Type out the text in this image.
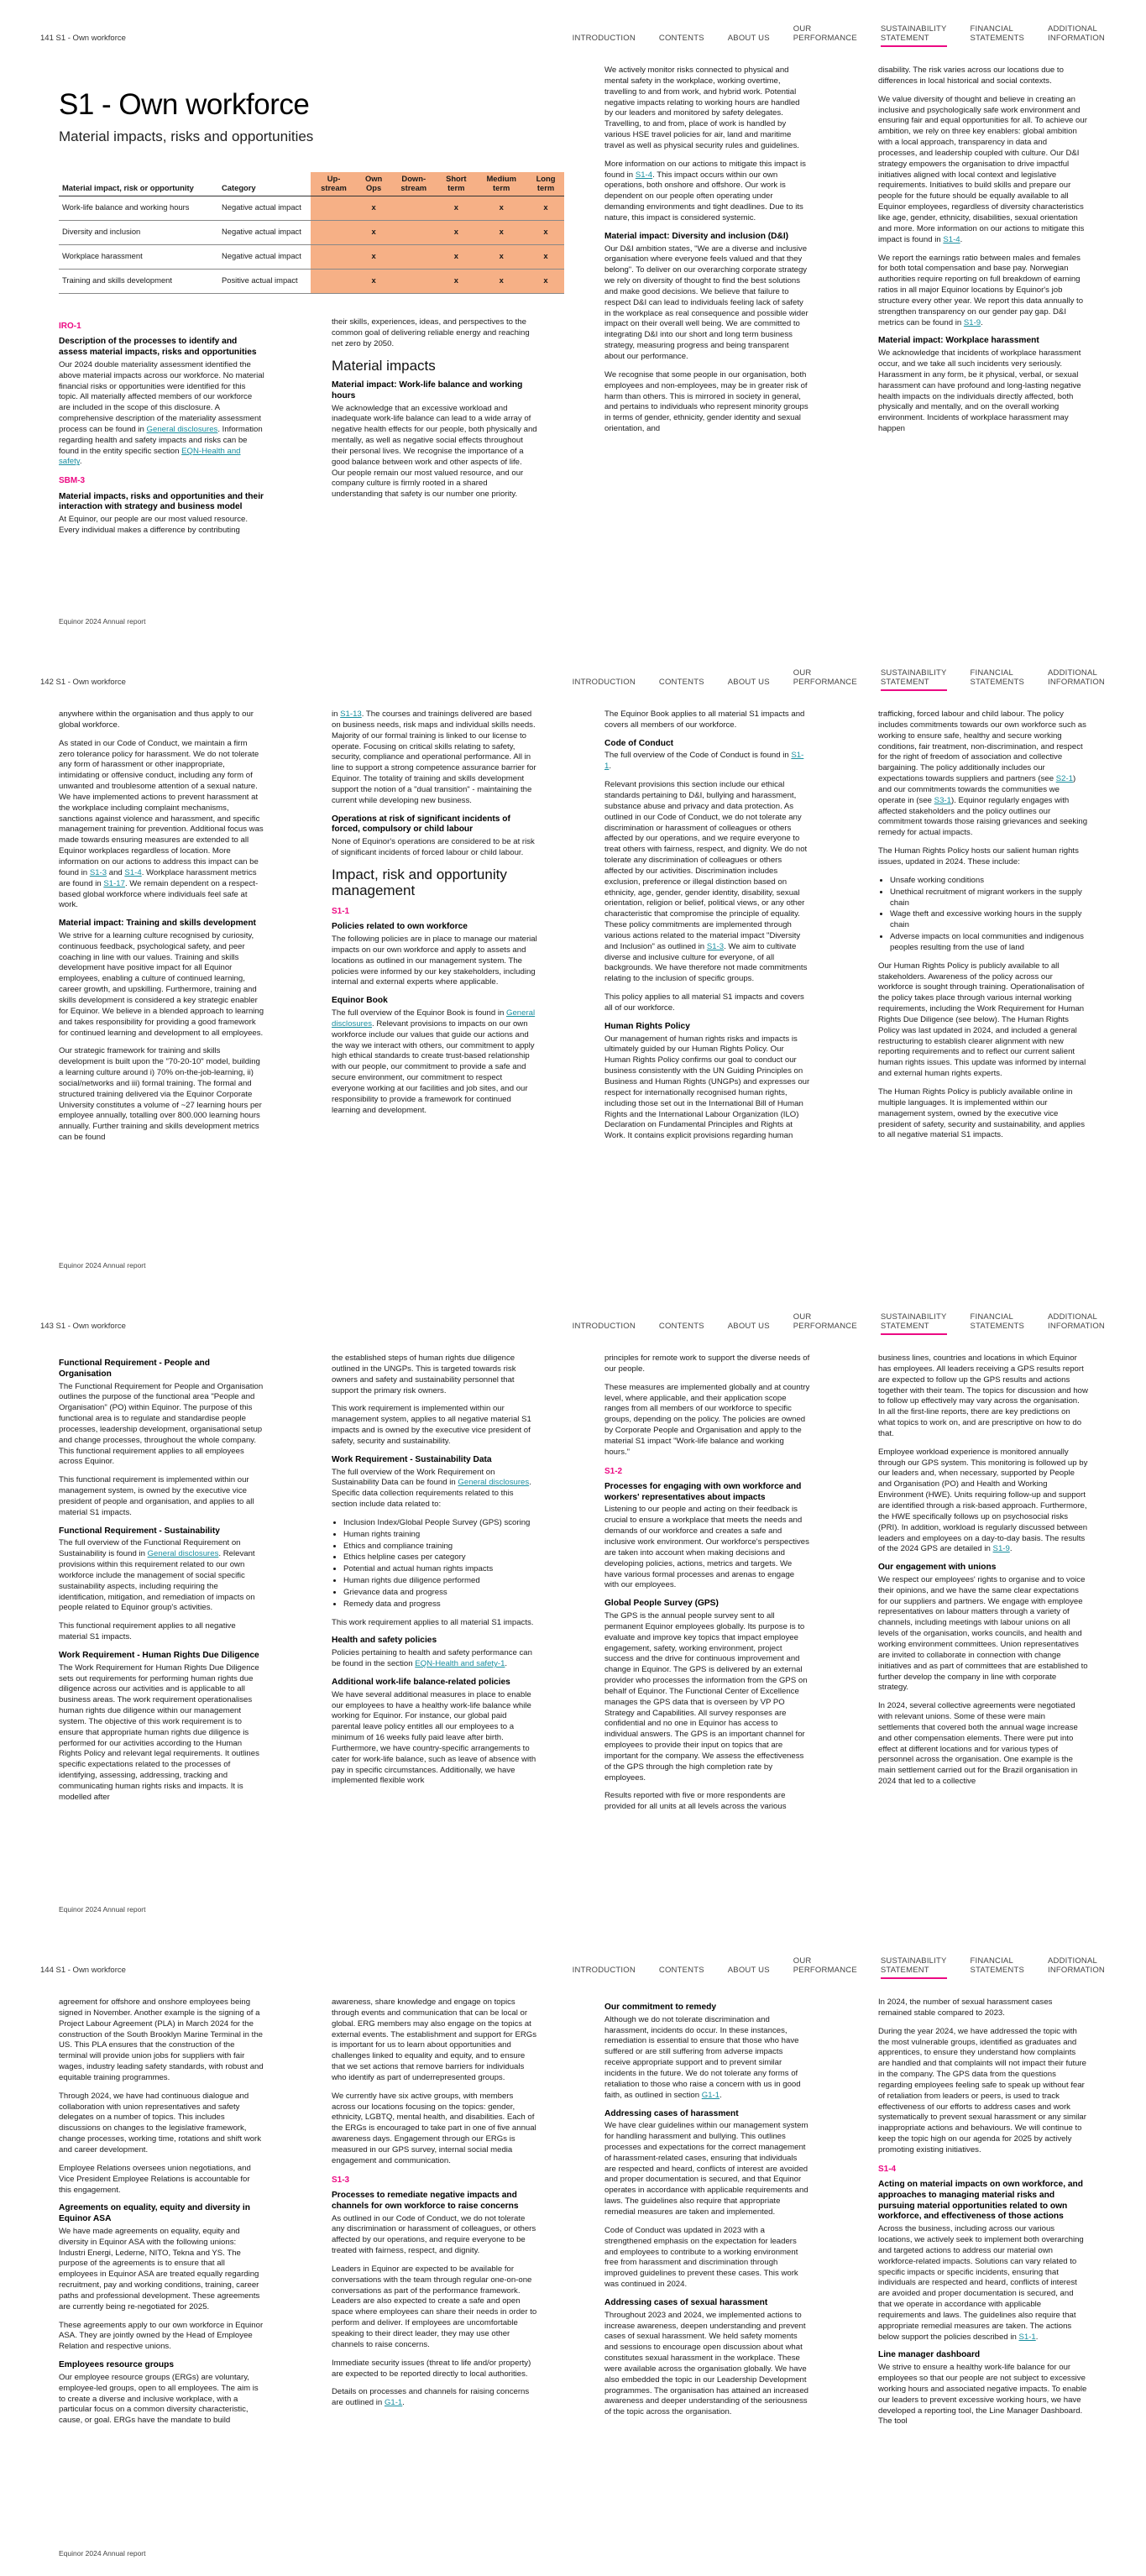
141 S1 - Own workforce	INTRODUCTION	CONTENTS	ABOUT US
OUR
PERFORMANCE
SUSTAINABILITY
STATEMENT
FINANCIAL
STATEMENTS
ADDITIONAL
INFORMATION
S1 - Own workforce
Material impacts, risks and opportunities
Material impact, risk or opportunity	Category	Up-
stream	Own
Ops	Down-
stream	Short
term	Medium
term	Long
term
Work-life balance and working hours	Negative actual impact		x		x	x	x
Diversity and inclusion	Negative actual impact		x		x	x	x
Workplace harassment	Negative actual impact		x		x	x	x
Training and skills development	Positive actual impact		x		x	x	x
IRO-1
Description of the processes to identify and assess material impacts, risks and opportunities

Our 2024 double materiality assessment identified the above material impacts across our workforce. No material financial risks or opportunities were identified for this topic. All materially affected members of our workforce are included in the scope of this disclosure. A comprehensive description of the materiality assessment process can be found in General disclosures. Information regarding health and safety impacts and risks can be found in the entity specific section EQN-Health and safety.

SBM-3
Material impacts, risks and opportunities and their interaction with strategy and business model

At Equinor, our people are our most valued resource. Every individual makes a difference by contributing

their skills, experiences, ideas, and perspectives to the common goal of delivering reliable energy and reaching net zero by 2050.

Material impacts
Material impact: Work-life balance and working hours

We acknowledge that an excessive workload and inadequate work-life balance can lead to a wide array of negative health effects for our people, both physically and mentally, as well as negative social effects throughout their personal lives. We recognise the importance of a good balance between work and other aspects of life. Our people remain our most valued resource, and our company culture is firmly rooted in a shared understanding that safety is our number one priority.

We actively monitor risks connected to physical and mental safety in the workplace, working overtime, travelling to and from work, and hybrid work. Potential negative impacts relating to working hours are handled by our leaders and monitored by safety delegates. Travelling, to and from, place of work is handled by various HSE travel policies for air, land and maritime travel as well as physical security rules and guidelines.

More information on our actions to mitigate this impact is found in S1-4. This impact occurs within our own operations, both onshore and offshore. Our work is dependent on our people often operating under demanding environments and tight deadlines. Due to its nature, this impact is considered systemic.

Material impact: Diversity and inclusion (D&I)

Our D&I ambition states, "We are a diverse and inclusive organisation where everyone feels valued and that they belong". To deliver on our overarching corporate strategy we rely on diversity of thought to find the best solutions and make good decisions. We believe that failure to respect D&I can lead to individuals feeling lack of safety in the workplace as real consequence and possible wider impact on their overall well being. We are committed to integrating D&I into our short and long term business strategy, measuring progress and being transparent about our performance.

We recognise that some people in our organisation, both employees and non-employees, may be in greater risk of harm than others. This is mirrored in society in general, and pertains to individuals who represent minority groups in terms of gender, ethnicity, gender identity and sexual orientation, and

disability. The risk varies across our locations due to differences in local historical and social contexts.

We value diversity of thought and believe in creating an inclusive and psychologically safe work environment and ensuring fair and equal opportunities for all. To achieve our ambition, we rely on three key enablers: global ambition with a local approach, transparency in data and processes, and leadership coupled with culture. Our D&I strategy empowers the organisation to drive impactful initiatives aligned with local context and legislative requirements. Initiatives to build skills and prepare our people for the future should be equally available to all Equinor employees, regardless of diversity characteristics like age, gender, ethnicity, disabilities, sexual orientation and more. More information on our actions to mitigate this impact is found in S1-4.

We report the earnings ratio between males and females for both total compensation and base pay. Norwegian authorities require reporting on full breakdown of earning ratios in all major Equinor locations by Equinor's job structure every other year. We report this data annually to strengthen transparency on our gender pay gap. D&I metrics can be found in S1-9.

Material impact: Workplace harassment

We acknowledge that incidents of workplace harassment occur, and we take all such incidents very seriously. Harassment in any form, be it physical, verbal, or sexual harassment can have profound and long-lasting negative health impacts on the individuals directly affected, both physically and mentally, and on the overall working environment. Incidents of workplace harassment may happen

Equinor 2024 Annual report
142 S1 - Own workforce	INTRODUCTION	CONTENTS	ABOUT US
OUR
PERFORMANCE
SUSTAINABILITY
STATEMENT
FINANCIAL
STATEMENTS
ADDITIONAL
INFORMATION

anywhere within the organisation and thus apply to our global workforce.

As stated in our Code of Conduct, we maintain a firm zero tolerance policy for harassment. We do not tolerate any form of harassment or other inappropriate, intimidating or offensive conduct, including any form of unwanted and troublesome attention of a sexual nature. We have implemented actions to prevent harassment at the workplace including complaint mechanisms, sanctions against violence and harassment, and specific management training for prevention. Additional focus was made towards ensuring measures are extended to all Equinor workplaces regardless of location. More information on our actions to address this impact can be found in S1-3 and S1-4. Workplace harassment metrics are found in S1-17. We remain dependent on a respect-based global workforce where individuals feel safe at work.

Material impact: Training and skills development

We strive for a learning culture recognised by curiosity, continuous feedback, psychological safety, and peer coaching in line with our values. Training and skills development have positive impact for all Equinor employees, enabling a culture of continued learning, career growth, and upskilling. Furthermore, training and skills development is considered a key strategic enabler for Equinor. We believe in a blended approach to learning and takes responsibility for providing a good framework for continued learning and development to all employees.

Our strategic framework for training and skills development is built upon the "70-20-10" model, building a learning culture around i) 70% on-the-job-learning, ii) social/networks and iii) formal training. The formal and structured training delivered via the Equinor Corporate University constitutes a volume of ~27 learning hours per employee annually, totalling over 800.000 learning hours annually. Further training and skills development metrics can be found

in S1-13. The courses and trainings delivered are based on business needs, risk maps and individual skills needs. Majority of our formal training is linked to our license to operate. Focusing on critical skills relating to safety, security, compliance and operational performance. All in line to support a strong competence assurance barrier for Equinor. The totality of training and skills development support the notion of a "dual transition" - maintaining the current while developing new business.

Operations at risk of significant incidents of forced, compulsory or child labour

None of Equinor's operations are considered to be at risk of significant incidents of forced labour or child labour.

Impact, risk and opportunity management
S1-1
Policies related to own workforce

The following policies are in place to manage our material impacts on our own workforce and apply to assets and locations as outlined in our management system. The policies were informed by our key stakeholders, including internal and external experts where applicable.

Equinor Book

The full overview of the Equinor Book is found in General disclosures. Relevant provisions to impacts on our own workforce include our values that guide our actions and the way we interact with others, our commitment to apply high ethical standards to create trust-based relationship with our people, our commitment to provide a safe and secure environment, our commitment to respect everyone working at our facilities and job sites, and our responsibility to provide a framework for continued learning and development.

The Equinor Book applies to all material S1 impacts and covers all members of our workforce.

Code of Conduct

The full overview of the Code of Conduct is found in S1-1.

Relevant provisions this section include our ethical standards pertaining to D&I, bullying and harassment, substance abuse and privacy and data protection. As outlined in our Code of Conduct, we do not tolerate any discrimination or harassment of colleagues or others affected by our operations, and we require everyone to treat others with fairness, respect, and dignity. We do not tolerate any discrimination of colleagues or others affected by our activities. Discrimination includes exclusion, preference or illegal distinction based on ethnicity, age, gender, gender identity, disability, sexual orientation, religion or belief, political views, or any other characteristic that compromise the principle of equality. These policy commitments are implemented through various actions related to the material impact "Diversity and Inclusion" as outlined in S1-3. We aim to cultivate diverse and inclusive culture for everyone, of all backgrounds. We have therefore not made commitments relating to the inclusion of specific groups.

This policy applies to all material S1 impacts and covers all of our workforce.

Human Rights Policy

Our management of human rights risks and impacts is ultimately guided by our Human Rights Policy. Our Human Rights Policy confirms our goal to conduct our business consistently with the UN Guiding Principles on Business and Human Rights (UNGPs) and expresses our respect for internationally recognised human rights, including those set out in the International Bill of Human Rights and the International Labour Organization (ILO) Declaration on Fundamental Principles and Rights at Work. It contains explicit provisions regarding human

trafficking, forced labour and child labour. The policy includes commitments towards our own workforce such as working to ensure safe, healthy and secure working conditions, fair treatment, non-discrimination, and respect for the right of freedom of association and collective bargaining. The policy additionally includes our expectations towards suppliers and partners (see S2-1) and our commitments towards the communities we operate in (see S3-1). Equinor regularly engages with affected stakeholders and the policy outlines our commitment towards those raising grievances and seeking remedy for actual impacts.

The Human Rights Policy hosts our salient human rights issues, updated in 2024. These include:

• Unsafe working conditions
• Unethical recruitment of migrant workers in the supply chain
• Wage theft and excessive working hours in the supply chain
• Adverse impacts on local communities and indigenous peoples resulting from the use of land

Our Human Rights Policy is publicly available to all stakeholders. Awareness of the policy across our workforce is sought through training. Operationalisation of the policy takes place through various internal working requirements, including the Work Requirement for Human Rights Due Diligence (see below). The Human Rights Policy was last updated in 2024, and included a general restructuring to establish clearer alignment with new reporting requirements and to reflect our current salient human rights issues. This update was informed by internal and external human rights experts.

The Human Rights Policy is publicly available online in multiple languages. It is implemented within our management system, owned by the executive vice president of safety, security and sustainability, and applies to all negative material S1 impacts.

Equinor 2024 Annual report
143 S1 - Own workforce	INTRODUCTION	CONTENTS	ABOUT US
OUR
PERFORMANCE
SUSTAINABILITY
STATEMENT
FINANCIAL
STATEMENTS
ADDITIONAL
INFORMATION
Functional Requirement - People and Organisation

The Functional Requirement for People and Organisation outlines the purpose of the functional area "People and Organisation" (PO) within Equinor. The purpose of this functional area is to regulate and standardise people processes, leadership development, organisational setup and change processes, throughout the whole company. This functional requirement applies to all employees across Equinor.

This functional requirement is implemented within our management system, is owned by the executive vice president of people and organisation, and applies to all material S1 impacts.

Functional Requirement - Sustainability

The full overview of the Functional Requirement on Sustainability is found in General disclosures. Relevant provisions within this requirement related to our own workforce include the management of social specific sustainability aspects, including requiring the identification, mitigation, and remediation of impacts on people related to Equinor group's activities.

This functional requirement applies to all negative material S1 impacts.

Work Requirement - Human Rights Due Diligence

The Work Requirement for Human Rights Due Diligence sets out requirements for performing human rights due diligence across our activities and is applicable to all business areas. The work requirement operationalises human rights due diligence within our management system. The objective of this work requirement is to ensure that appropriate human rights due diligence is performed for our activities according to the Human Rights Policy and relevant legal requirements. It outlines specific expectations related to the processes of identifying, assessing, addressing, tracking and communicating human rights risks and impacts. It is modelled after

the established steps of human rights due diligence outlined in the UNGPs. This is targeted towards risk owners and safety and sustainability personnel that support the primary risk owners.

This work requirement is implemented within our management system, applies to all negative material S1 impacts and is owned by the executive vice president of safety, security and sustainability.

Work Requirement - Sustainability Data

The full overview of the Work Requirement on Sustainability Data can be found in General disclosures. Specific data collection requirements related to this section include data related to:

• Inclusion Index/Global People Survey (GPS) scoring
• Human rights training
• Ethics and compliance training
• Ethics helpline cases per category
• Potential and actual human rights impacts
• Human rights due diligence performed
• Grievance data and progress
• Remedy data and progress

This work requirement applies to all material S1 impacts.

Health and safety policies

Policies pertaining to health and safety performance can be found in the section EQN-Health and safety-1.

Additional work-life balance-related policies

We have several additional measures in place to enable our employees to have a healthy work-life balance while working for Equinor. For instance, our global paid parental leave policy entitles all our employees to a minimum of 16 weeks fully paid leave after birth. Furthermore, we have country-specific arrangements to cater for work-life balance, such as leave of absence with pay in specific circumstances. Additionally, we have implemented flexible work

principles for remote work to support the diverse needs of our people.

These measures are implemented globally and at country level, where applicable, and their application scope ranges from all members of our workforce to specific groups, depending on the policy. The policies are owned by Corporate People and Organisation and apply to the material S1 impact "Work-life balance and working hours."

S1-2
Processes for engaging with own workforce and workers' representatives about impacts

Listening to our people and acting on their feedback is crucial to ensure a workplace that meets the needs and demands of our workforce and creates a safe and inclusive work environment. Our workforce's perspectives are taken into account when making decisions and developing policies, actions, metrics and targets. We have various formal processes and arenas to engage with our employees.

Global People Survey (GPS)

The GPS is the annual people survey sent to all permanent Equinor employees globally. Its purpose is to evaluate and improve key topics that impact employee engagement, safety, working environment, project success and the drive for continuous improvement and change in Equinor. The GPS is delivered by an external provider who processes the information from the GPS on behalf of Equinor. The Functional Center of Excellence manages the GPS data that is overseen by VP PO Strategy and Capabilities. All survey responses are confidential and no one in Equinor has access to individual answers. The GPS is an important channel for employees to provide their input on topics that are important for the company. We assess the effectiveness of the GPS through the high completion rate by employees.

Results reported with five or more respondents are provided for all units at all levels across the various

business lines, countries and locations in which Equinor has employees. All leaders receiving a GPS results report are expected to follow up the GPS results and actions together with their team. The topics for discussion and how to follow up effectively may vary across the organisation. In all the first-line reports, there are key predictions on what topics to work on, and are prescriptive on how to do that.

Employee workload experience is monitored annually through our GPS system. This monitoring is followed up by our leaders and, when necessary, supported by People and Organisation (PO) and Health and Working Environment (HWE). Units requiring follow-up and support are identified through a risk-based approach. Furthermore, the HWE specifically follows up on psychosocial risks (PRI). In addition, workload is regularly discussed between leaders and employees on a day-to-day basis. The results of the 2024 GPS are detailed in S1-9.

Our engagement with unions

We respect our employees' rights to organise and to voice their opinions, and we have the same clear expectations for our suppliers and partners. We engage with employee representatives on labour matters through a variety of channels, including meetings with labour unions on all levels of the organisation, works councils, and health and working environment committees. Union representatives are invited to collaborate in connection with change initiatives and as part of committees that are established to further develop the company in line with corporate strategy.

In 2024, several collective agreements were negotiated with relevant unions. Some of these were main settlements that covered both the annual wage increase and other compensation elements. There were put into effect at different locations and for various types of personnel across the organisation. One example is the main settlement carried out for the Brazil organisation in 2024 that led to a collective

Equinor 2024 Annual report
144 S1 - Own workforce	INTRODUCTION	CONTENTS	ABOUT US
OUR
PERFORMANCE
SUSTAINABILITY
STATEMENT
FINANCIAL
STATEMENTS
ADDITIONAL
INFORMATION

agreement for offshore and onshore employees being signed in November. Another example is the signing of a Project Labour Agreement (PLA) in March 2024 for the construction of the South Brooklyn Marine Terminal in the US. This PLA ensures that the construction of the terminal will provide union jobs for suppliers with fair wages, industry leading safety standards, with robust and equitable training programmes.

Through 2024, we have had continuous dialogue and collaboration with union representatives and safety delegates on a number of topics. This includes discussions on changes to the legislative framework, change processes, working time, rotations and shift work and career development.

Employee Relations oversees union negotiations, and Vice President Employee Relations is accountable for this engagement.

Agreements on equality, equity and diversity in Equinor ASA

We have made agreements on equality, equity and diversity in Equinor ASA with the following unions: Industri Energi, Lederne, NITO, Tekna and YS. The purpose of the agreements is to ensure that all employees in Equinor ASA are treated equally regarding recruitment, pay and working conditions, training, career paths and professional development. These agreements are currently being re-negotiated for 2025.

These agreements apply to our own workforce in Equinor ASA. They are jointly owned by the Head of Employee Relation and respective unions.

Employees resource groups

Our employee resource groups (ERGs) are voluntary, employee-led groups, open to all employees. The aim is to create a diverse and inclusive workplace, with a particular focus on a common diversity characteristic, cause, or goal. ERGs have the mandate to build

awareness, share knowledge and engage on topics through events and communication that can be local or global. ERG members may also engage on the topics at external events. The establishment and support for ERGs is important for us to learn about opportunities and challenges linked to equality and equity, and to ensure that we set actions that remove barriers for individuals who identify as part of underrepresented groups.

We currently have six active groups, with members across our locations focusing on the topics: gender, ethnicity, LGBTQ, mental health, and disabilities. Each of the ERGs is encouraged to take part in one of five annual awareness days. Engagement through our ERGs is measured in our GPS survey, internal social media engagement and communication.

S1-3
Processes to remediate negative impacts and channels for own workforce to raise concerns

As outlined in our Code of Conduct, we do not tolerate any discrimination or harassment of colleagues, or others affected by our operations, and require everyone to be treated with fairness, respect, and dignity.

Leaders in Equinor are expected to be available for conversations with the team through regular one-on-one conversations as part of the performance framework. Leaders are also expected to create a safe and open space where employees can share their needs in order to perform and deliver. If employees are uncomfortable speaking to their direct leader, they may use other channels to raise concerns.

Immediate security issues (threat to life and/or property) are expected to be reported directly to local authorities.

Details on processes and channels for raising concerns are outlined in G1-1.

Our commitment to remedy

Although we do not tolerate discrimination and harassment, incidents do occur. In these instances, remediation is essential to ensure that those who have suffered or are still suffering from adverse impacts receive appropriate support and to prevent similar incidents in the future. We do not tolerate any forms of retaliation to those who raise a concern with us in good faith, as outlined in section G1-1.

Addressing cases of harassment

We have clear guidelines within our management system for handling harassment and bullying. This outlines processes and expectations for the correct management of harassment-related cases, ensuring that individuals are respected and heard, conflicts of interest are avoided and proper documentation is secured, and that Equinor operates in accordance with applicable requirements and laws. The guidelines also require that appropriate remedial measures are taken and implemented.

Code of Conduct was updated in 2023 with a strengthened emphasis on the expectation for leaders and employees to contribute to a working environment free from harassment and discrimination through improved guidelines to prevent these cases. This work was continued in 2024.

Addressing cases of sexual harassment

Throughout 2023 and 2024, we implemented actions to increase awareness, deepen understanding and prevent cases of sexual harassment. We held safety moments and sessions to encourage open discussion about what constitutes sexual harassment in the workplace. These were available across the organisation globally. We have also embedded the topic in our Leadership Development programmes. The organisation has attained an increased awareness and deeper understanding of the seriousness of the topic across the organisation.

In 2024, the number of sexual harassment cases remained stable compared to 2023.

During the year 2024, we have addressed the topic with the most vulnerable groups, identified as graduates and apprentices, to ensure they understand how complaints are handled and that complaints will not impact their future in the company. The GPS data from the questions regarding employees feeling safe to speak up without fear of retaliation from leaders or peers, is used to track effectiveness of our efforts to address cases and work systematically to prevent sexual harassment or any similar inappropriate actions and behaviours. We will continue to keep the topic high on our agenda for 2025 by actively promoting existing initiatives.

S1-4
Acting on material impacts on own workforce, and approaches to managing material risks and pursuing material opportunities related to own workforce, and effectiveness of those actions

Across the business, including across our various locations, we actively seek to implement both overarching and targeted actions to address our material own workforce-related impacts. Solutions can vary related to specific impacts or specific incidents, ensuring that individuals are respected and heard, conflicts of interest are avoided and proper documentation is secured, and that we operate in accordance with applicable requirements and laws. The guidelines also require that appropriate remedial measures are taken. The actions below support the policies described in S1-1.

Line manager dashboard

We strive to ensure a healthy work-life balance for our employees so that our people are not subject to excessive working hours and associated negative impacts. To enable our leaders to prevent excessive working hours, we have developed a reporting tool, the Line Manager Dashboard. The tool

Equinor 2024 Annual report
